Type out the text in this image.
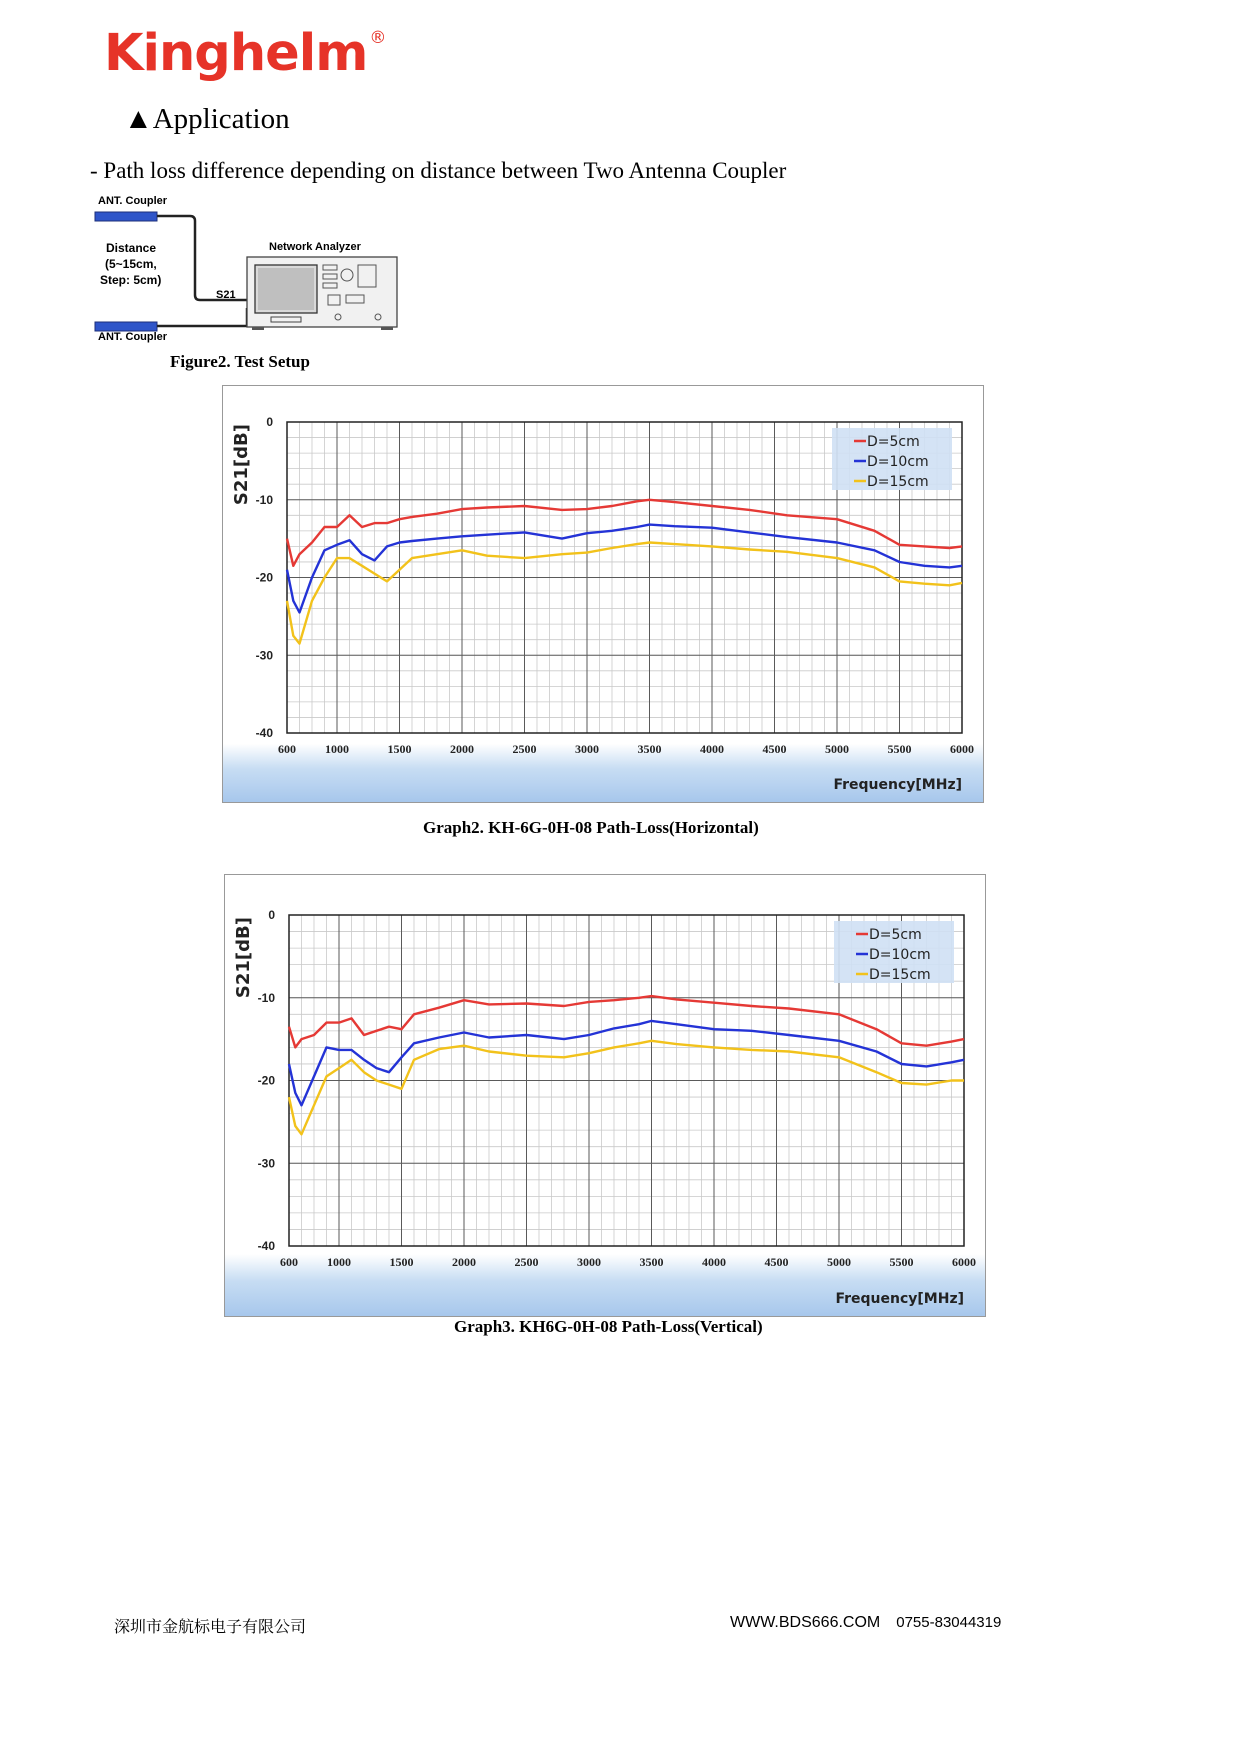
Kinghelm ®
▲Application
- Path loss difference depending on distance between Two Antenna Coupler
ANT. Coupler
ANT. Coupler
Distance
(5~15cm,
Step: 5cm)
Network Analyzer
S21
Figure2. Test Setup
600 1000	1500	2000	2500	3000	3500	4000	4500	5000	5500	6000
0
-10
-20
-30
-40
S21[dB]
Frequency[MHz]
D=5cm
D=10cm
D=15cm
Graph2. KH-6G-0H-08 Path-Loss(Horizontal)
600 1000	1500	2000	2500	3000	3500	4000	4500	5000	5500	6000
0
-10
-20
-30
-40
S21[dB]
Frequency[MHz]
D=5cm
D=10cm
D=15cm
Graph3. KH6G-0H-08 Path-Loss(Vertical)
深圳市金航标电子有限公司	WWW.BDS666.COM 0755-83044319
